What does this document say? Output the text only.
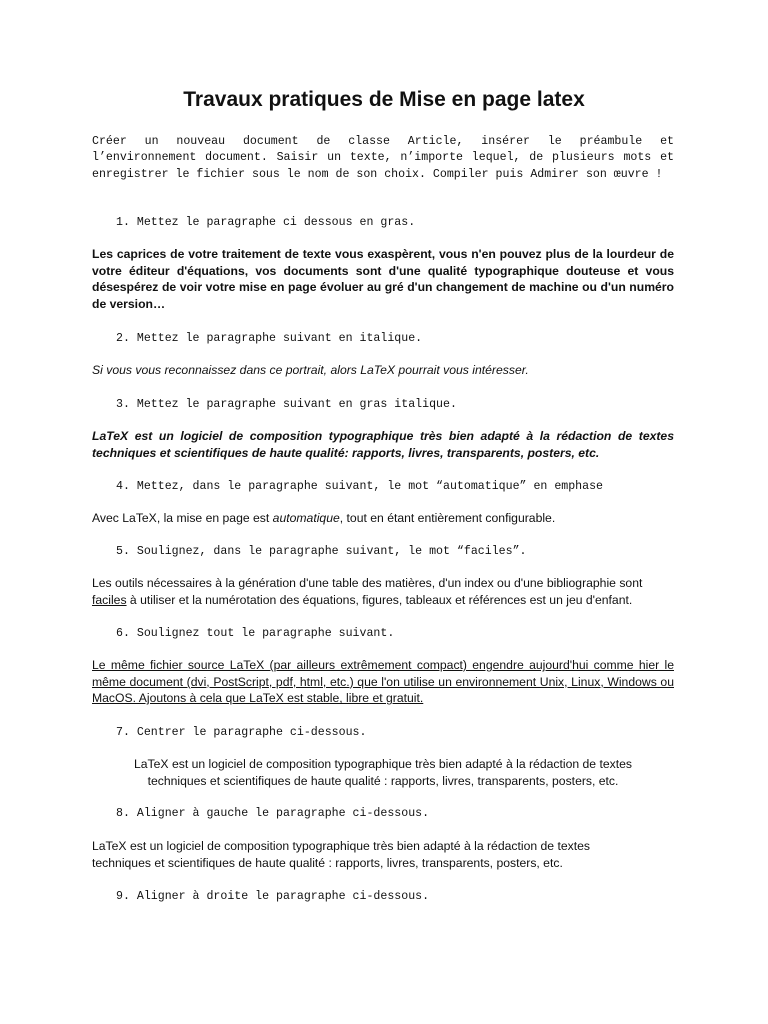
Travaux pratiques de Mise en page latex

Créer un nouveau document de classe Article, insérer le préambule et l’environnement document. Saisir un texte, n’importe lequel, de plusieurs mots et enregistrer le fichier sous le nom de son choix. Compiler puis Admirer son œuvre !

1. Mettez le paragraphe ci dessous en gras.

Les caprices de votre traitement de texte vous exaspèrent, vous n'en pouvez plus de la lourdeur de votre éditeur d'équations, vos documents sont d'une qualité typographique douteuse et vous désespérez de voir votre mise en page évoluer au gré d'un changement de machine ou d'un numéro de version…

2. Mettez le paragraphe suivant en italique.

Si vous vous reconnaissez dans ce portrait, alors LaTeX pourrait vous intéresser.

3. Mettez le paragraphe suivant en gras italique.

LaTeX est un logiciel de composition typographique très bien adapté à la rédaction de textes techniques et scientifiques de haute qualité: rapports, livres, transparents, posters, etc.

4. Mettez, dans le paragraphe suivant, le mot “automatique” en emphase

Avec LaTeX, la mise en page est automatique, tout en étant entièrement configurable.

5. Soulignez, dans le paragraphe suivant, le mot “faciles”.

Les outils nécessaires à la génération d'une table des matières, d'un index ou d'une bibliographie sont faciles à utiliser et la numérotation des équations, figures, tableaux et références est un jeu d'enfant.

6. Soulignez tout le paragraphe suivant.

Le même fichier source LaTeX (par ailleurs extrêmement compact) engendre aujourd'hui comme hier le même document (dvi, PostScript, pdf, html, etc.) que l'on utilise un environnement Unix, Linux, Windows ou MacOS. Ajoutons à cela que LaTeX est stable, libre et gratuit.

7. Centrer le paragraphe ci-dessous.

LaTeX est un logiciel de composition typographique très bien adapté à la rédaction de textes
techniques et scientifiques de haute qualité : rapports, livres, transparents, posters, etc.

8. Aligner à gauche le paragraphe ci-dessous.

LaTeX est un logiciel de composition typographique très bien adapté à la rédaction de textes
techniques et scientifiques de haute qualité : rapports, livres, transparents, posters, etc.

9. Aligner à droite le paragraphe ci-dessous.
